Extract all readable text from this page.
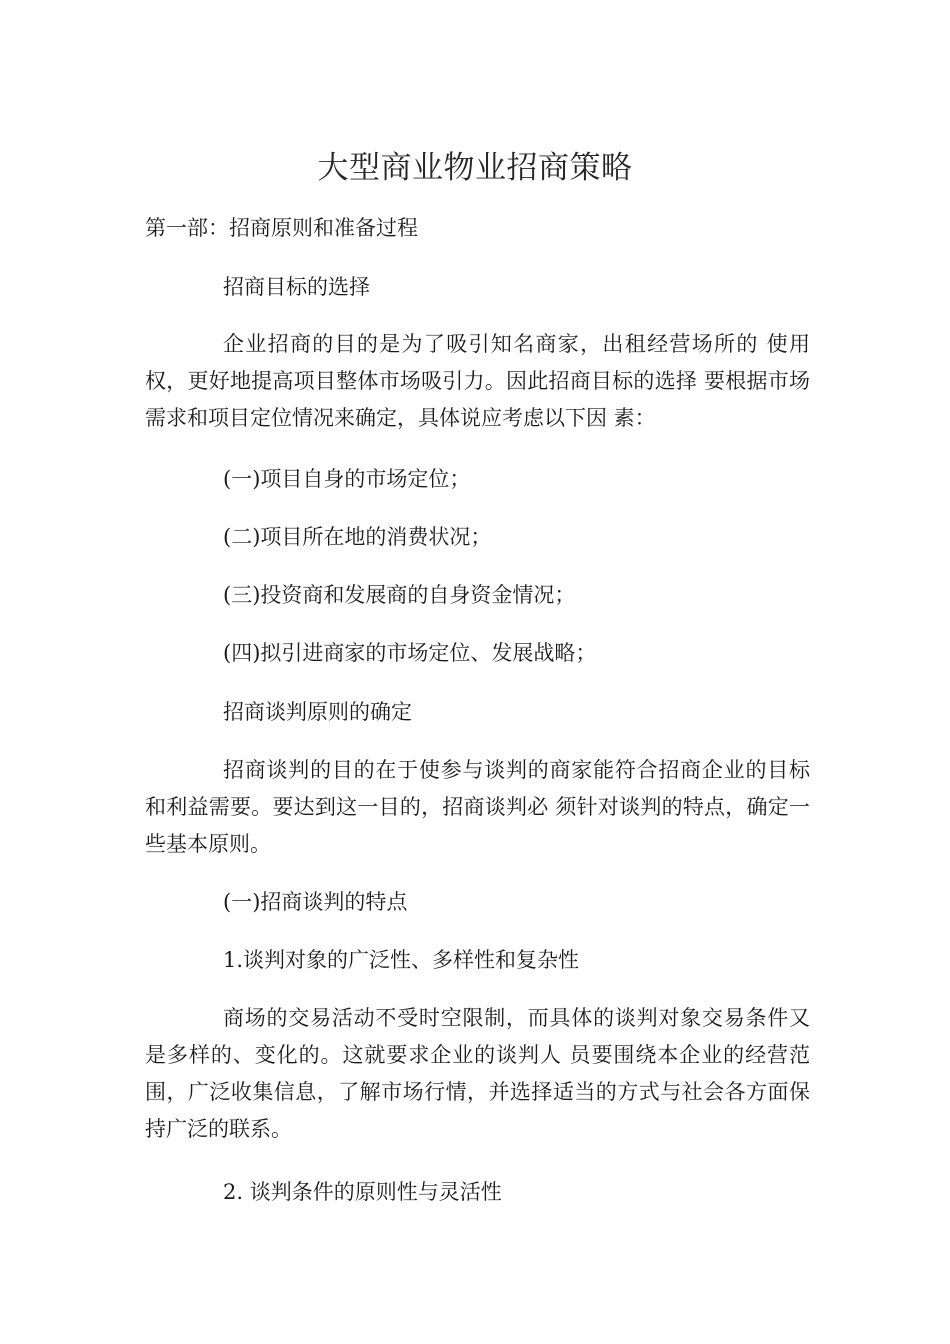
大型商业物业招商策略
第一部：招商原则和准备过程
招商目标的选择
企业招商的目的是为了吸引知名商家，出租经营场所的 使用权，更好地提高项目整体市场吸引力。因此招商目标的选择 要根据市场需求和项目定位情况来确定，具体说应考虑以下因 素：
(一)项目自身的市场定位；
(二)项目所在地的消费状况；
(三)投资商和发展商的自身资金情况；
(四)拟引进商家的市场定位、发展战略；
招商谈判原则的确定
招商谈判的目的在于使参与谈判的商家能符合招商企业的目标和利益需要。要达到这一目的，招商谈判必 须针对谈判的特点，确定一些基本原则。
(一)招商谈判的特点
1.谈判对象的广泛性、多样性和复杂性
商场的交易活动不受时空限制，而具体的谈判对象交易条件又是多样的、变化的。这就要求企业的谈判人 员要围绕本企业的经营范围，广泛收集信息，了解市场行情，并选择适当的方式与社会各方面保持广泛的联系。
2. 谈判条件的原则性与灵活性
